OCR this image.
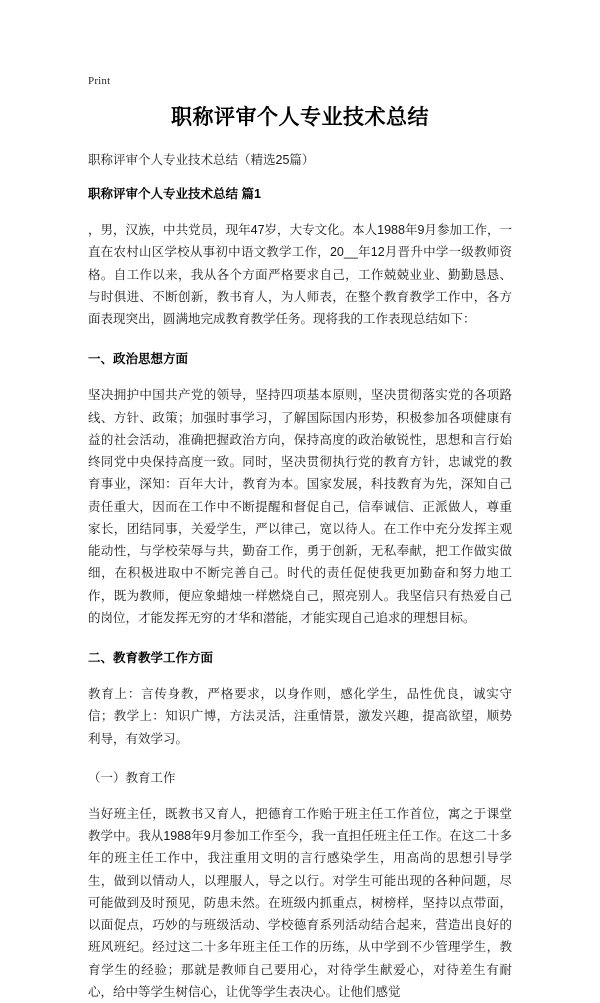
Print
职称评审个人专业技术总结

职称评审个人专业技术总结（精选25篇）

职称评审个人专业技术总结 篇1

，男，汉族，中共党员，现年47岁，大专文化。本人1988年9月参加工作，一直在农村山区学校从事初中语文教学工作，20__年12月晋升中学一级教师资格。自工作以来，我从各个方面严格要求自己，工作兢兢业业、勤勤恳恳、与时俱进、不断创新，教书育人，为人师表，在整个教育教学工作中，各方面表现突出，圆满地完成教育教学任务。现将我的工作表现总结如下：

一、政治思想方面

坚决拥护中国共产党的领导，坚持四项基本原则，坚决贯彻落实党的各项路线、方针、政策；加强时事学习，了解国际国内形势，积极参加各项健康有益的社会活动，准确把握政治方向，保持高度的政治敏锐性，思想和言行始终同党中央保持高度一致。同时，坚决贯彻执行党的教育方针，忠诚党的教育事业，深知：百年大计，教育为本。国家发展，科技教育为先，深知自己责任重大，因而在工作中不断提醒和督促自己，信奉诚信、正派做人，尊重家长，团结同事，关爱学生，严以律己，宽以待人。在工作中充分发挥主观能动性，与学校荣辱与共，勤奋工作，勇于创新，无私奉献，把工作做实做细，在积极进取中不断完善自己。时代的责任促使我更加勤奋和努力地工作，既为教师，便应象蜡烛一样燃烧自己，照亮别人。我坚信只有热爱自己的岗位，才能发挥无穷的才华和潜能，才能实现自己追求的理想目标。

二、教育教学工作方面

教育上：言传身教，严格要求，以身作则，感化学生，品性优良，诚实守信；教学上：知识广博，方法灵活，注重情景，激发兴趣，提高欲望，顺势利导，有效学习。

（一）教育工作

当好班主任，既教书又育人，把德育工作贻于班主任工作首位，寓之于课堂教学中。我从1988年9月参加工作至今，我一直担任班主任工作。在这二十多年的班主任工作中，我注重用文明的言行感染学生，用高尚的思想引导学生，做到以情动人，以理服人，导之以行。对学生可能出现的各种问题，尽可能做到及时预见，防患未然。在班级内抓重点，树榜样，坚持以点带面，以面促点，巧妙的与班级活动、学校德育系列活动结合起来，营造出良好的班风班纪。经过这二十多年班主任工作的历练，从中学到不少管理学生，教育学生的经验；那就是教师自己要用心，对待学生献爱心，对待差生有耐心，给中等学生树信心，让优等学生表决心。让他们感觉
